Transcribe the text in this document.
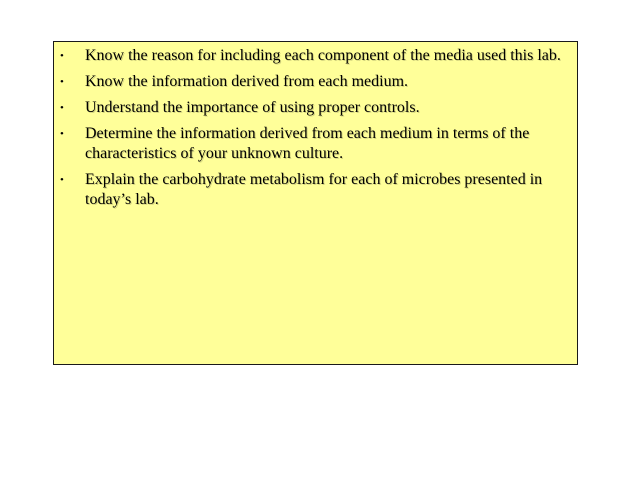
• Know the reason for including each component of the media used this lab.
• Know the information derived from each medium.
• Understand the importance of using proper controls.
• Determine the information derived from each medium in terms of the characteristics of your unknown culture.
• Explain the carbohydrate metabolism for each of microbes presented in today’s lab.
